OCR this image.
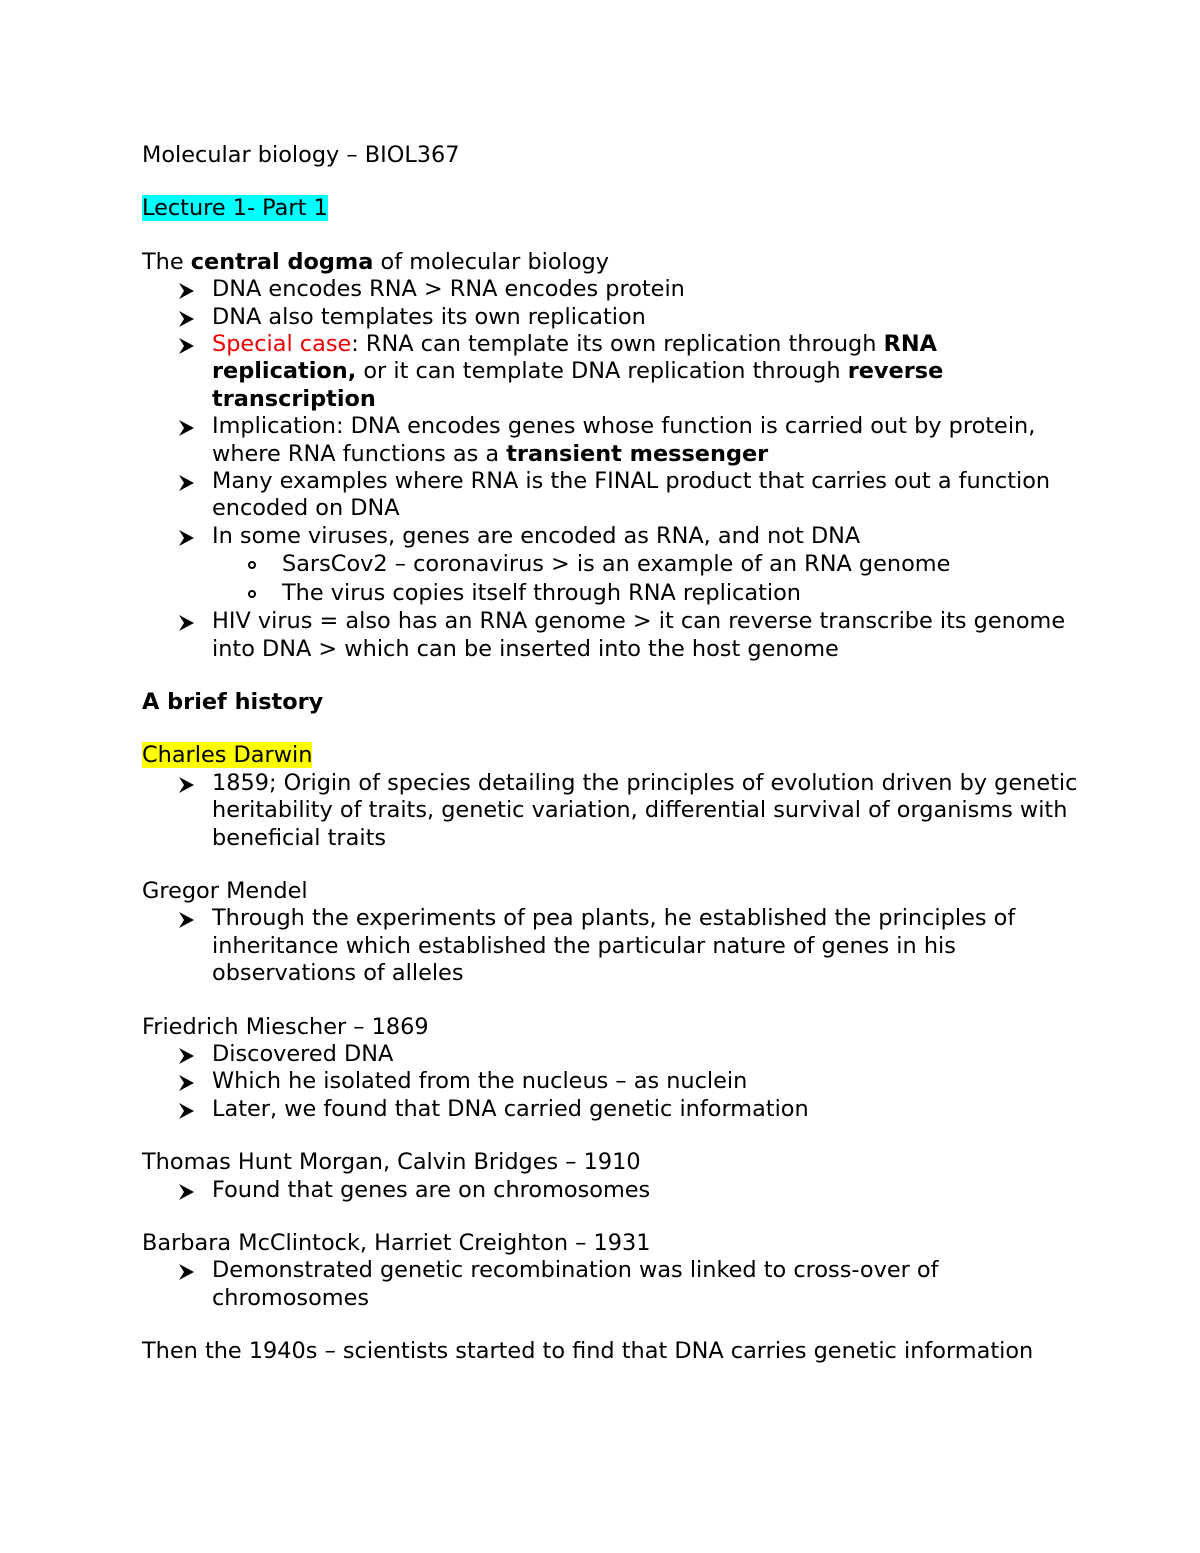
Molecular biology – BIOL367

Lecture 1- Part 1

The central dogma of molecular biology

DNA encodes RNA > RNA encodes protein
DNA also templates its own replication
Special case: RNA can template its own replication through RNA replication, or it can template DNA replication through reverse transcription
Implication: DNA encodes genes whose function is carried out by protein, where RNA functions as a transient messenger
Many examples where RNA is the FINAL product that carries out a function encoded on DNA
In some viruses, genes are encoded as RNA, and not DNA
SarsCov2 – coronavirus > is an example of an RNA genome
The virus copies itself through RNA replication
HIV virus = also has an RNA genome > it can reverse transcribe its genome into DNA > which can be inserted into the host genome

A brief history

Charles Darwin

1859; Origin of species detailing the principles of evolution driven by genetic heritability of traits, genetic variation, differential survival of organisms with beneficial traits

Gregor Mendel

Through the experiments of pea plants, he established the principles of inheritance which established the particular nature of genes in his observations of alleles

Friedrich Miescher – 1869

Discovered DNA
Which he isolated from the nucleus – as nuclein
Later, we found that DNA carried genetic information

Thomas Hunt Morgan, Calvin Bridges – 1910

Found that genes are on chromosomes

Barbara McClintock, Harriet Creighton – 1931

Demonstrated genetic recombination was linked to cross-over of chromosomes

Then the 1940s – scientists started to find that DNA carries genetic information
